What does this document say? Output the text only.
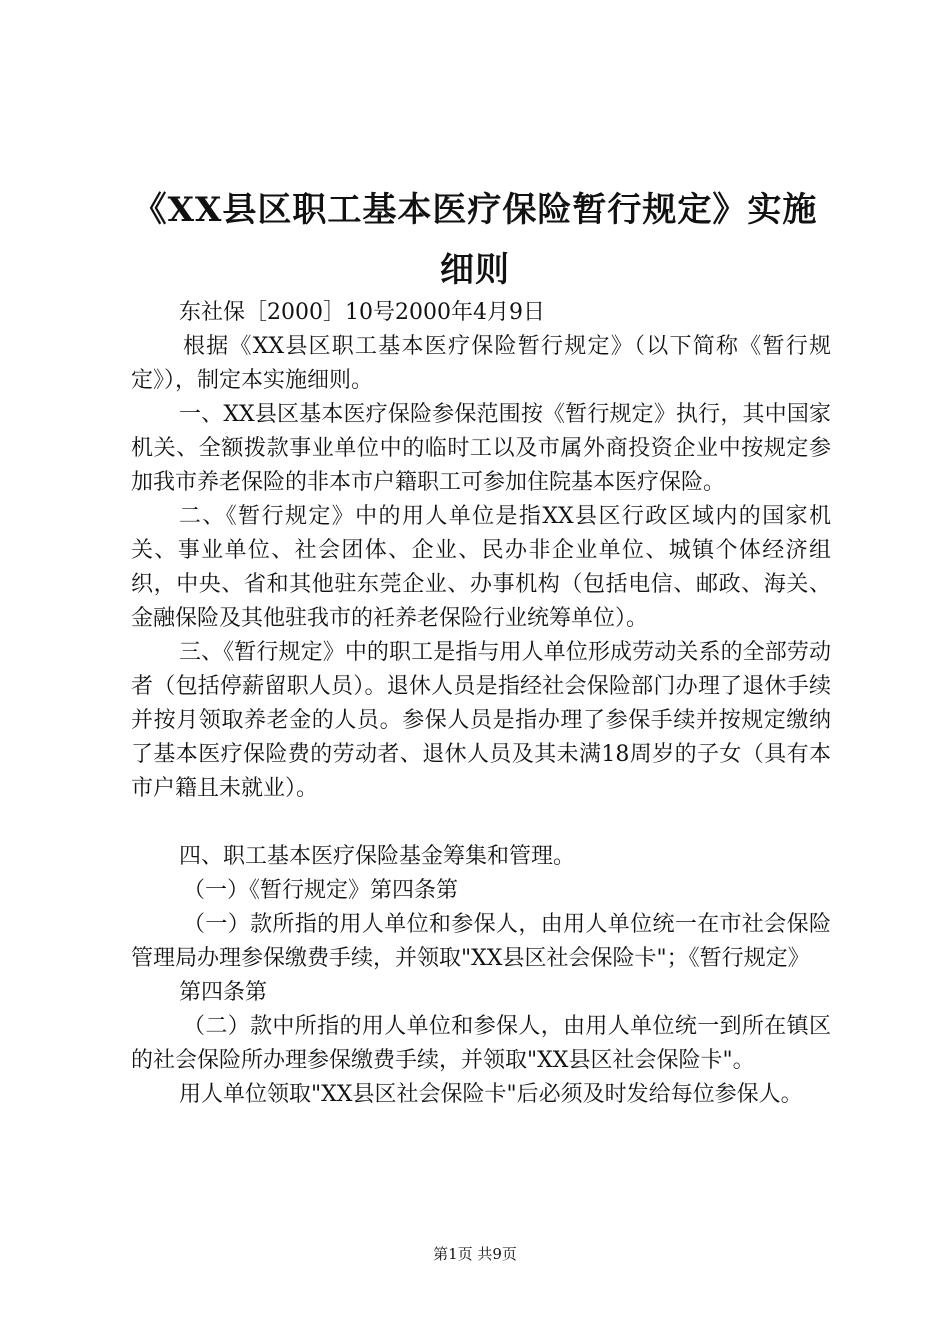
《XX县区职工基本医疗保险暂行规定》实施
细则

东社保［2000］10号2000年4月9日

根据《XX县区职工基本医疗保险暂行规定》（以下简称《暂行规定》），制定本实施细则。

一、XX县区基本医疗保险参保范围按《暂行规定》执行，其中国家机关、全额拨款事业单位中的临时工以及市属外商投资企业中按规定参加我市养老保险的非本市户籍职工可参加住院基本医疗保险。

二、《暂行规定》中的用人单位是指XX县区行政区域内的国家机关、事业单位、社会团体、企业、民办非企业单位、城镇个体经济组织，中央、省和其他驻东莞企业、办事机构（包括电信、邮政、海关、金融保险及其他驻我市的衽养老保险行业统筹单位）。

三、《暂行规定》中的职工是指与用人单位形成劳动关系的全部劳动者（包括停薪留职人员）。退休人员是指经社会保险部门办理了退休手续并按月领取养老金的人员。参保人员是指办理了参保手续并按规定缴纳了基本医疗保险费的劳动者、退休人员及其未满18周岁的子女（具有本市户籍且未就业）。

四、职工基本医疗保险基金筹集和管理。

（一）《暂行规定》第四条第

（一）款所指的用人单位和参保人，由用人单位统一在市社会保险管理局办理参保缴费手续，并领取"XX县区社会保险卡"；《暂行规定》

第四条第

（二）款中所指的用人单位和参保人，由用人单位统一到所在镇区的社会保险所办理参保缴费手续，并领取"XX县区社会保险卡"。

用人单位领取"XX县区社会保险卡"后必须及时发给每位参保人。

第1页 共9页
